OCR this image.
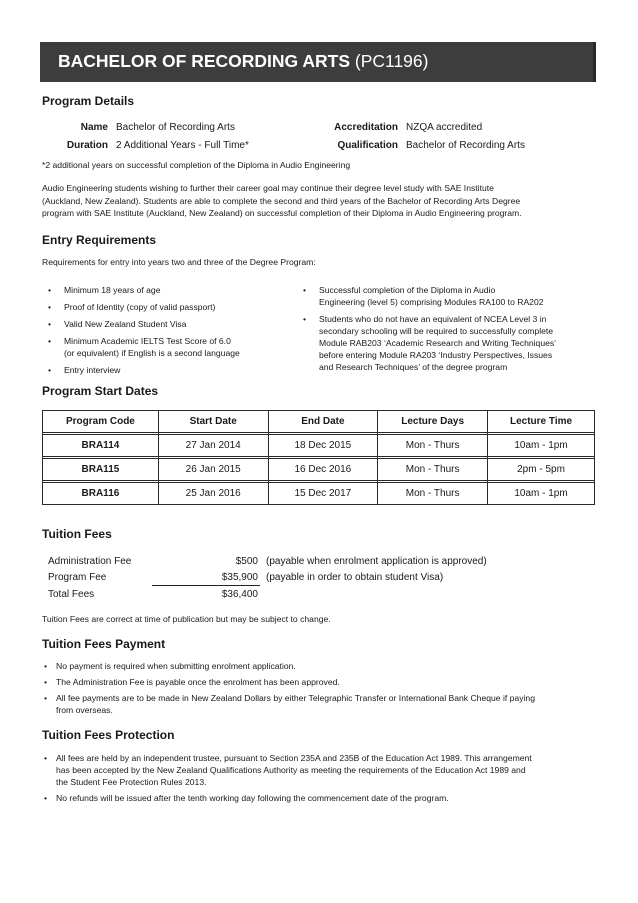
BACHELOR OF RECORDING ARTS (PC1196)
Program Details
Name Bachelor of Recording Arts
Duration 2 Additional Years - Full Time*
Accreditation NZQA accredited
Qualification Bachelor of Recording Arts
*2 additional years on successful completion of the Diploma in Audio Engineering
Audio Engineering students wishing to further their career goal may continue their degree level study with SAE Institute
(Auckland, New Zealand). Students are able to complete the second and third years of the Bachelor of Recording Arts Degree
program with SAE Institute (Auckland, New Zealand) on successful completion of their Diploma in Audio Engineering program.
Entry Requirements
Requirements for entry into years two and three of the Degree Program:
• Minimum 18 years of age
• Proof of Identity (copy of valid passport)
• Valid New Zealand Student Visa
• Minimum Academic IELTS Test Score of 6.0
(or equivalent) if English is a second language
• Entry interview
• Successful completion of the Diploma in Audio
Engineering (level 5) comprising Modules RA100 to RA202
• Students who do not have an equivalent of NCEA Level 3 in
secondary schooling will be required to successfully complete
Module RAB203 ‘Academic Research and Writing Techniques’
before entering Module RA203 ‘Industry Perspectives, Issues
and Research Techniques’ of the degree program
Program Start Dates
Program Code	Start Date	End Date	Lecture Days	Lecture Time

BRA114	27 Jan 2014	18 Dec 2015	Mon - Thurs	10am - 1pm

BRA115	26 Jan 2015	16 Dec 2016	Mon - Thurs	2pm - 5pm

BRA116	25 Jan 2016	15 Dec 2017	Mon - Thurs	10am - 1pm
Tuition Fees
Administration Fee	$500 (payable when enrolment application is approved)
Program Fee	$35,900 (payable in order to obtain student Visa)
Total Fees	$36,400
Tuition Fees are correct at time of publication but may be subject to change.
Tuition Fees Payment
• No payment is required when submitting enrolment application.
• The Administration Fee is payable once the enrolment has been approved.
• All fee payments are to be made in New Zealand Dollars by either Telegraphic Transfer or International Bank Cheque if paying
from overseas.
Tuition Fees Protection
• All fees are held by an independent trustee, pursuant to Section 235A and 235B of the Education Act 1989. This arrangement
has been accepted by the New Zealand Qualifications Authority as meeting the requirements of the Education Act 1989 and
the Student Fee Protection Rules 2013.
• No refunds will be issued after the tenth working day following the commencement date of the program.
